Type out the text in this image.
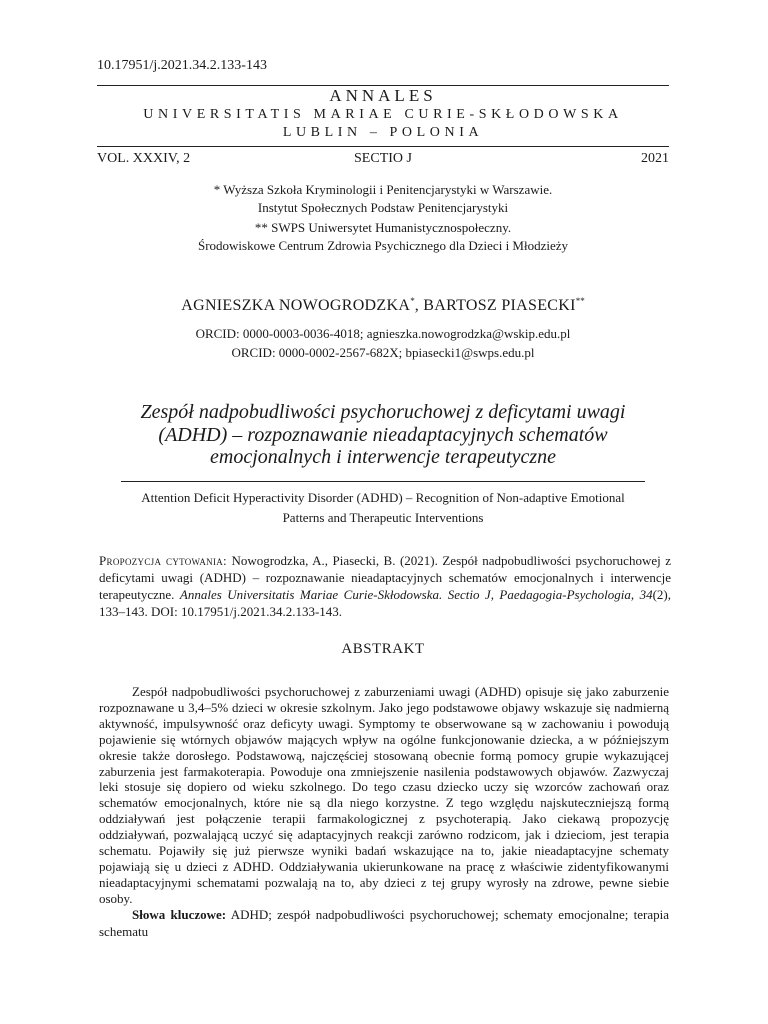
10.17951/j.2021.34.2.133-143
ANNALES
UNIVERSITATIS MARIAE CURIE-SKŁODOWSKA
LUBLIN – POLONIA
VOL. XXXIV, 2	SECTIO J	2021
* Wyższa Szkoła Kryminologii i Penitencjarystyki w Warszawie.
Instytut Społecznych Podstaw Penitencjarystyki
** SWPS Uniwersytet Humanistycznospołeczny.
Środowiskowe Centrum Zdrowia Psychicznego dla Dzieci i Młodzieży
AGNIESZKA NOWOGRODZKA*, BARTOSZ PIASECKI**
ORCID: 0000-0003-0036-4018; agnieszka.nowogrodzka@wskip.edu.pl
ORCID: 0000-0002-2567-682X; bpiasecki1@swps.edu.pl
Zespół nadpobudliwości psychoruchowej z deficytami uwagi
(ADHD) – rozpoznawanie nieadaptacyjnych schematów
emocjonalnych i interwencje terapeutyczne
Attention Deficit Hyperactivity Disorder (ADHD) – Recognition of Non-adaptive Emotional
Patterns and Therapeutic Interventions
Propozycja cytowania: Nowogrodzka, A., Piasecki, B. (2021). Zespół nadpobudliwości psychoruchowej z deficytami uwagi (ADHD) – rozpoznawanie nieadaptacyjnych schematów emocjonalnych i interwencje terapeutyczne. Annales Universitatis Mariae Curie-Skłodowska. Sectio J, Paedagogia-Psychologia, 34(2), 133–143. DOI: 10.17951/j.2021.34.2.133-143.
ABSTRAKT
Zespół nadpobudliwości psychoruchowej z zaburzeniami uwagi (ADHD) opisuje się jako zaburzenie rozpoznawane u 3,4–5% dzieci w okresie szkolnym. Jako jego podstawowe objawy wskazuje się nadmierną aktywność, impulsywność oraz deficyty uwagi. Symptomy te obserwowane są w zachowaniu i powodują pojawienie się wtórnych objawów mających wpływ na ogólne funkcjonowanie dziecka, a w późniejszym okresie także dorosłego. Podstawową, najczęściej stosowaną obecnie formą pomocy grupie wykazującej zaburzenia jest farmakoterapia. Powoduje ona zmniejszenie nasilenia podstawowych objawów. Zazwyczaj leki stosuje się dopiero od wieku szkolnego. Do tego czasu dziecko uczy się wzorców zachowań oraz schematów emocjonalnych, które nie są dla niego korzystne. Z tego względu najskuteczniejszą formą oddziaływań jest połączenie terapii farmakologicznej z psychoterapią. Jako ciekawą propozycję oddziaływań, pozwalającą uczyć się adaptacyjnych reakcji zarówno rodzicom, jak i dzieciom, jest terapia schematu. Pojawiły się już pierwsze wyniki badań wskazujące na to, jakie nieadaptacyjne schematy pojawiają się u dzieci z ADHD. Oddziaływania ukierunkowane na pracę z właściwie zidentyfikowanymi nieadaptacyjnymi schematami pozwalają na to, aby dzieci z tej grupy wyrosły na zdrowe, pewne siebie osoby.
Słowa kluczowe: ADHD; zespół nadpobudliwości psychoruchowej; schematy emocjonalne; terapia schematu
